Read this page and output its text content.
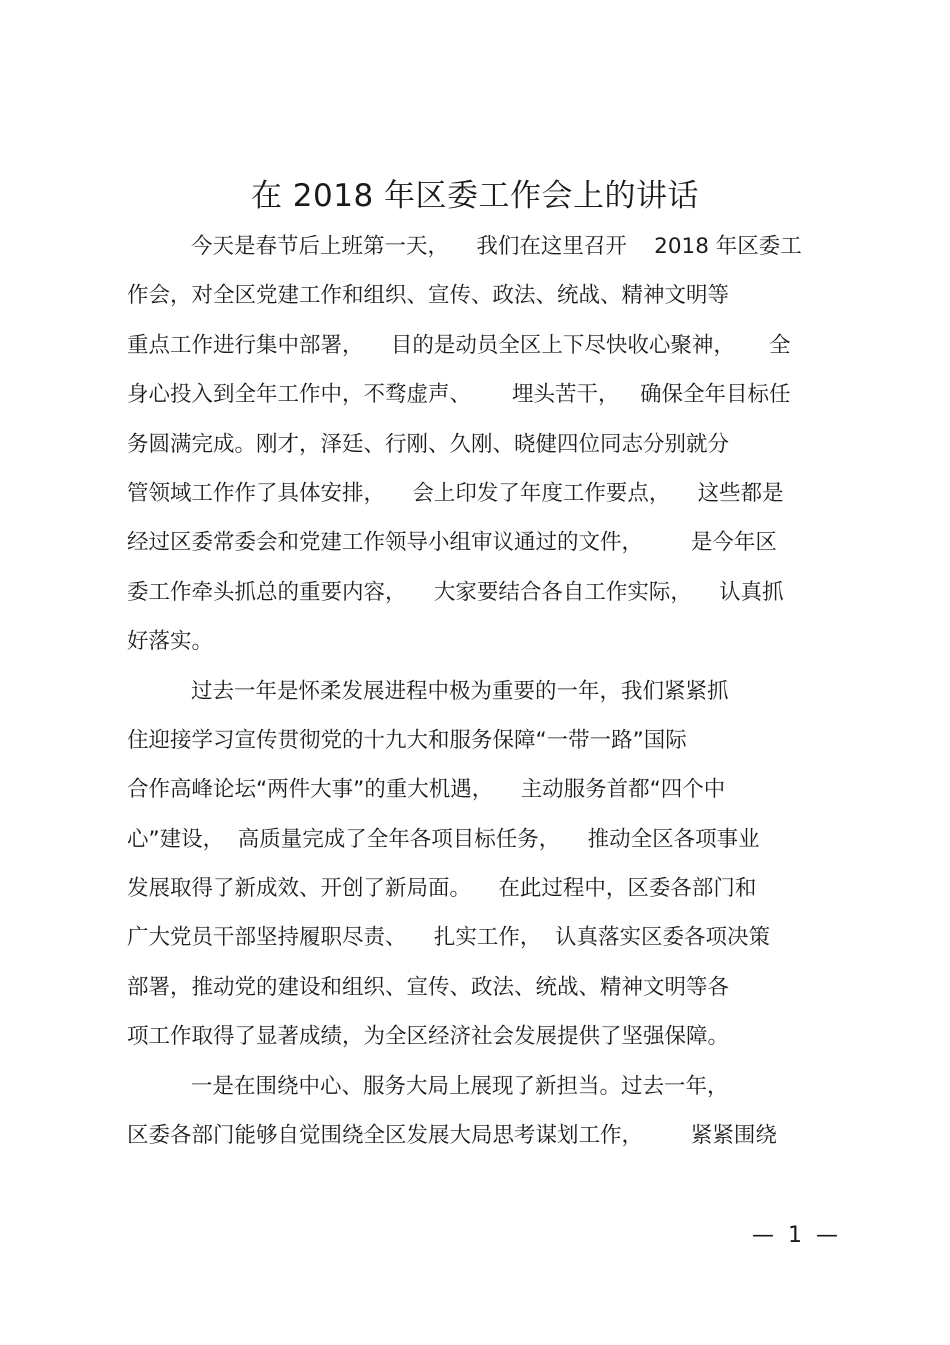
在 2018 年区委工作会上的讲话
今天是春节后上班第一天，    我们在这里召开    2018 年区委工
作会，对全区党建工作和组织、宣传、政法、统战、精神文明等
重点工作进行集中部署，    目的是动员全区上下尽快收心聚神，     全
身心投入到全年工作中，不骛虚声、      埋头苦干，   确保全年目标任
务圆满完成。刚才，泽廷、行刚、久刚、晓健四位同志分别就分
管领域工作作了具体安排，    会上印发了年度工作要点，    这些都是
经过区委常委会和党建工作领导小组审议通过的文件，       是今年区
委工作牵头抓总的重要内容，    大家要结合各自工作实际，    认真抓
好落实。
过去一年是怀柔发展进程中极为重要的一年，我们紧紧抓
住迎接学习宣传贯彻党的十九大和服务保障“一带一路”国际
合作高峰论坛“两件大事”的重大机遇，    主动服务首都“四个中
心”建设，  高质量完成了全年各项目标任务，    推动全区各项事业
发展取得了新成效、开创了新局面。    在此过程中，区委各部门和
广大党员干部坚持履职尽责、    扎实工作，  认真落实区委各项决策
部署，推动党的建设和组织、宣传、政法、统战、精神文明等各
项工作取得了显著成绩，为全区经济社会发展提供了坚强保障。
一是在围绕中心、服务大局上展现了新担当。过去一年，
区委各部门能够自觉围绕全区发展大局思考谋划工作，       紧紧围绕
—  1  —
